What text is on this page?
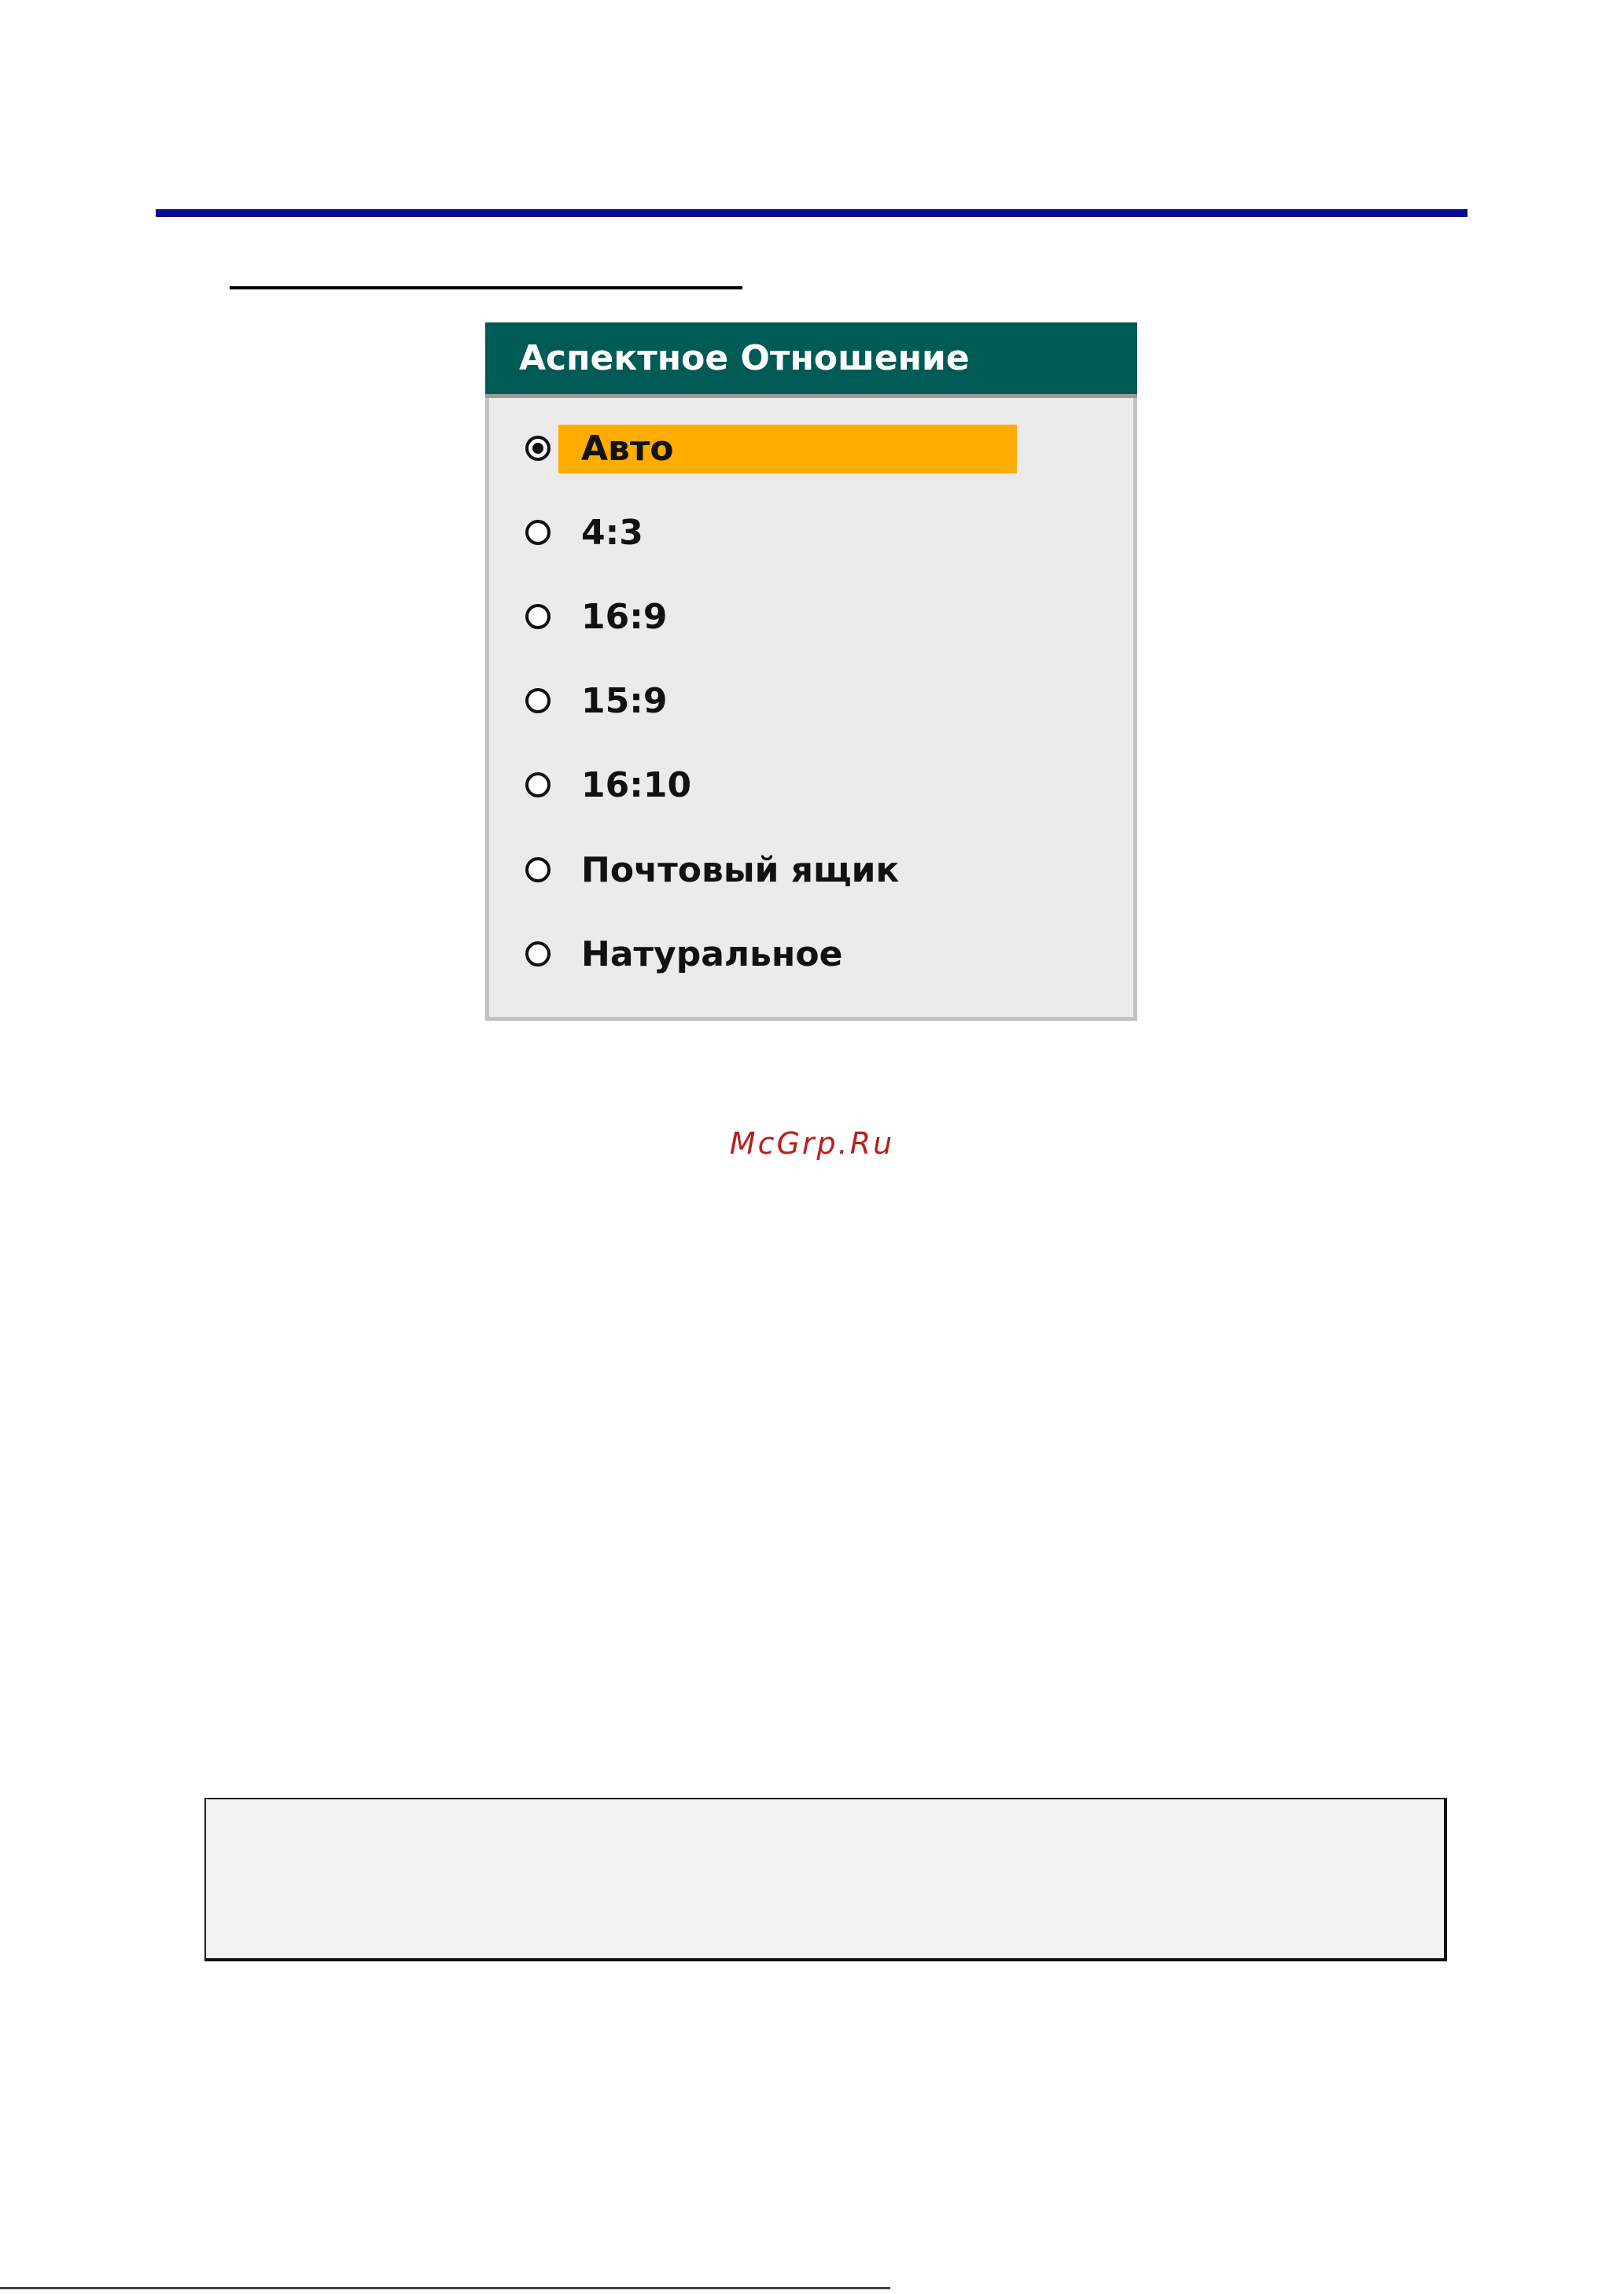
Аспектное Отношение
Авто
4:3
16:9
15:9
16:10
Почтовый ящик
Натуральное
McGrp.Ru
